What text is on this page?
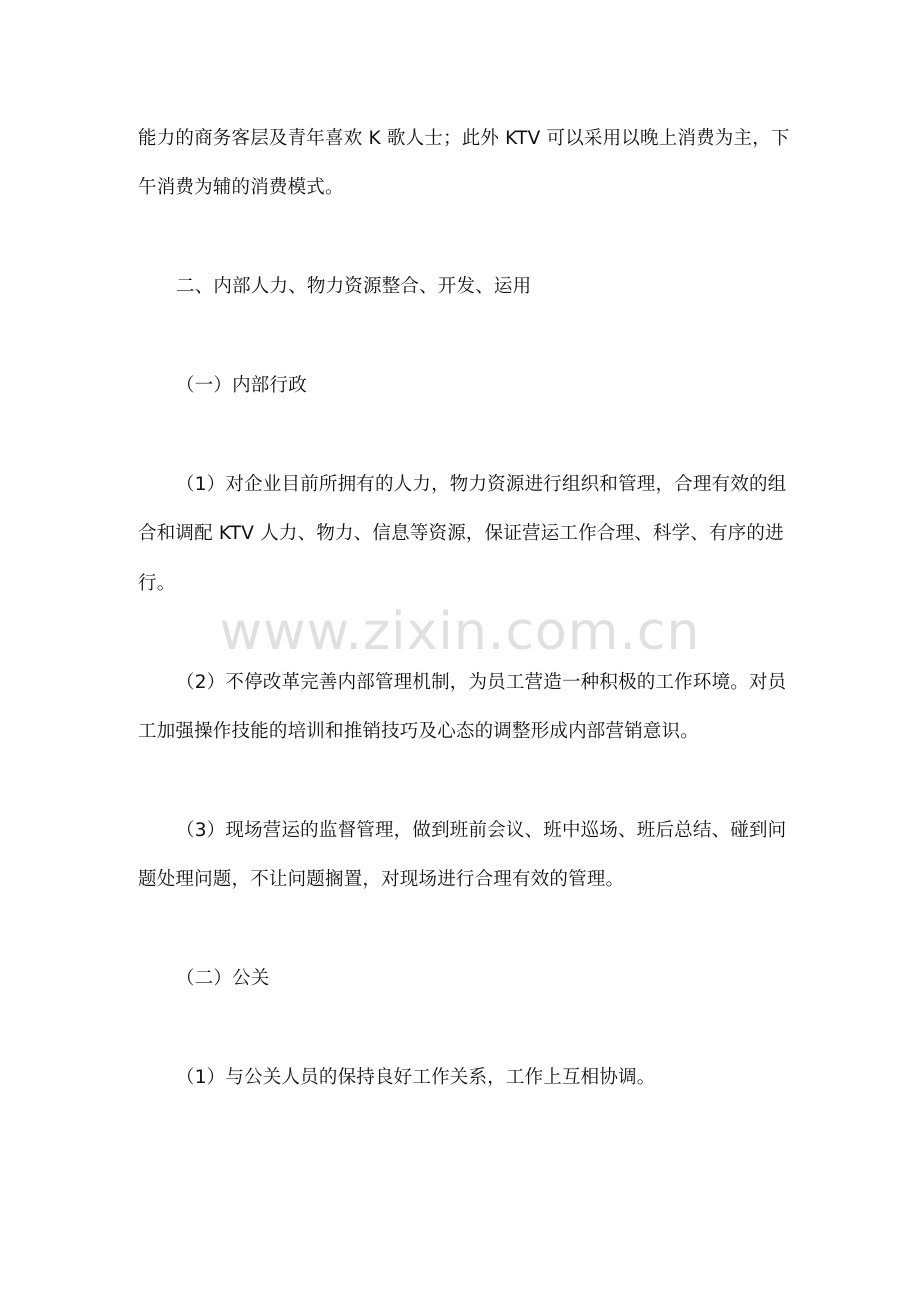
能力的商务客层及青年喜欢 K 歌人士；此外 KTV 可以采用以晚上消费为主，下
午消费为辅的消费模式。
二、内部人力、物力资源整合、开发、运用
（一）内部行政
（1）对企业目前所拥有的人力，物力资源进行组织和管理，合理有效的组
合和调配 KTV 人力、物力、信息等资源，保证营运工作合理、科学、有序的进
行。
（2）不停改革完善内部管理机制，为员工营造一种积极的工作环境。对员
工加强操作技能的培训和推销技巧及心态的调整形成内部营销意识。
（3）现场营运的监督管理，做到班前会议、班中巡场、班后总结、碰到问
题处理问题，不让问题搁置，对现场进行合理有效的管理。
（二）公关
（1）与公关人员的保持良好工作关系，工作上互相协调。
www.zixin.com.cn
